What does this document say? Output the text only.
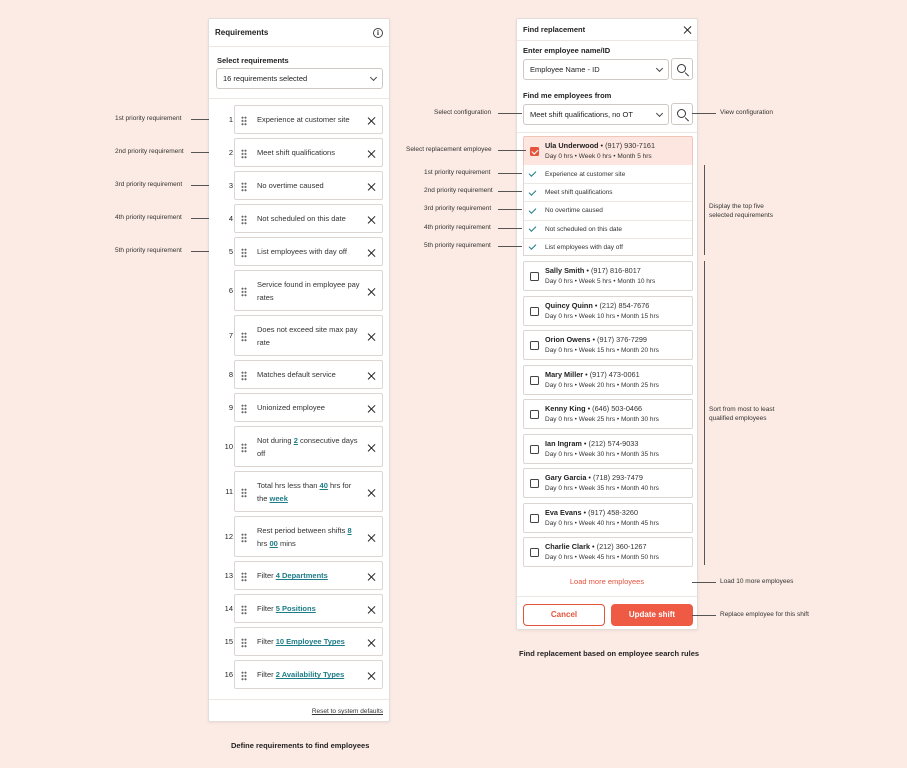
Requirements	i
Select requirements
16 requirements selected
1	Experience at customer site
2	Meet shift qualifications
3	No overtime caused
4	Not scheduled on this date
5	List employees with day off
6
Service found in employee pay rates
7
Does not exceed site max pay rate
8	Matches default service
9	Unionized employee
10
Not during 2 consecutive days off
11
Total hrs less than 40 hrs for the week
12
Rest period between shifts 8 hrs 00 mins
13	Filter 4 Departments
14	Filter 5 Positions
15	Filter 10 Employee Types
16	Filter 2 Availability Types
Reset to system defaults
Define requirements to find employees
1st priority requirement
2nd priority requirement
3rd priority requirement
4th priority requirement
5th priority requirement
Find replacement
Enter employee name/ID
Employee Name - ID
Find me employees from
Meet shift qualifications, no OT
Ula Underwood • (917) 930-7161
Day 0 hrs • Week 0 hrs • Month 5 hrs
Experience at customer site
Meet shift qualifications
No overtime caused
Not scheduled on this date
List employees with day off
Sally Smith • (917) 816-8017
Day 0 hrs • Week 5 hrs • Month 10 hrs
Quincy Quinn • (212) 854-7676
Day 0 hrs • Week 10 hrs • Month 15 hrs
Orion Owens • (917) 376-7299
Day 0 hrs • Week 15 hrs • Month 20 hrs
Mary Miller • (917) 473-0061
Day 0 hrs • Week 20 hrs • Month 25 hrs
Kenny King • (646) 503-0466
Day 0 hrs • Week 25 hrs • Month 30 hrs
Ian Ingram • (212) 574-9033
Day 0 hrs • Week 30 hrs • Month 35 hrs
Gary Garcia • (718) 293-7479
Day 0 hrs • Week 35 hrs • Month 40 hrs
Eva Evans • (917) 458-3260
Day 0 hrs • Week 40 hrs • Month 45 hrs
Charlie Clark • (212) 360-1267
Day 0 hrs • Week 45 hrs • Month 50 hrs
Load more employees
Cancel	Update shift
Find replacement based on employee search rules
Select configuration	View configuration
Select replacement employee
1st priority requirement
2nd priority requirement
3rd priority requirement
4th priority requirement
5th priority requirement
Display the top five
selected requirements
Sort from most to least
qualified employees
Load 10 more employees
Replace employee for this shift
